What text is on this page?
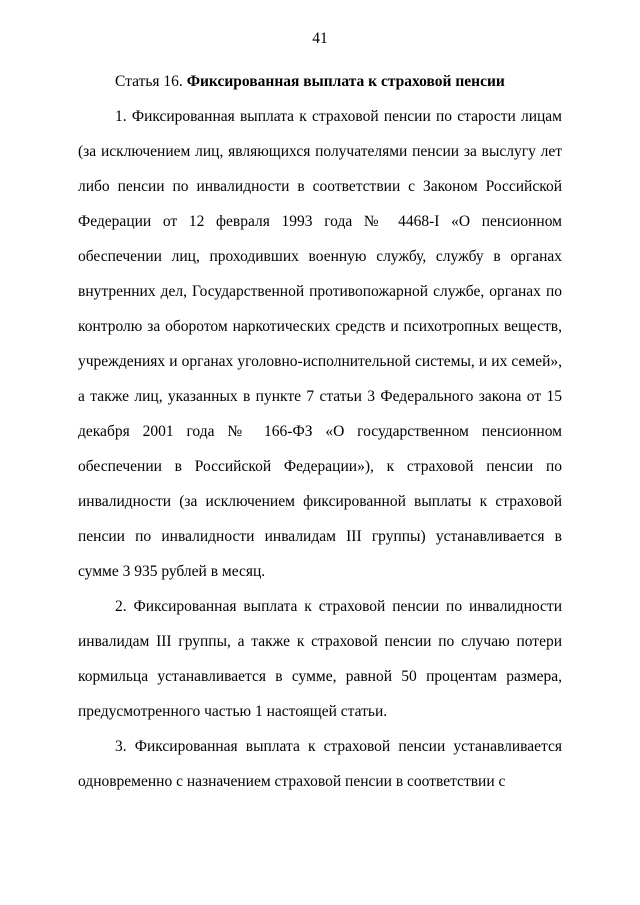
41

Статья 16. Фиксированная выплата к страховой пенсии

1. Фиксированная выплата к страховой пенсии по старости лицам (за исключением лиц, являющихся получателями пенсии за выслугу лет либо пенсии по инвалидности в соответствии с Законом Российской Федерации от 12 февраля 1993 года № 4468-I «О пенсионном обеспечении лиц, проходивших военную службу, службу в органах внутренних дел, Государственной противопожарной службе, органах по контролю за оборотом наркотических средств и психотропных веществ, учреждениях и органах уголовно-исполнительной системы, и их семей», а также лиц, указанных в пункте 7 статьи 3 Федерального закона от 15 декабря 2001 года № 166-ФЗ «О государственном пенсионном обеспечении в Российской Федерации»), к страховой пенсии по инвалидности (за исключением фиксированной выплаты к страховой пенсии по инвалидности инвалидам III группы) устанавливается в сумме 3 935 рублей в месяц.

2. Фиксированная выплата к страховой пенсии по инвалидности инвалидам III группы, а также к страховой пенсии по случаю потери кормильца устанавливается в сумме, равной 50 процентам размера, предусмотренного частью 1 настоящей статьи.

3. Фиксированная выплата к страховой пенсии устанавливается одновременно с назначением страховой пенсии в соответствии с
